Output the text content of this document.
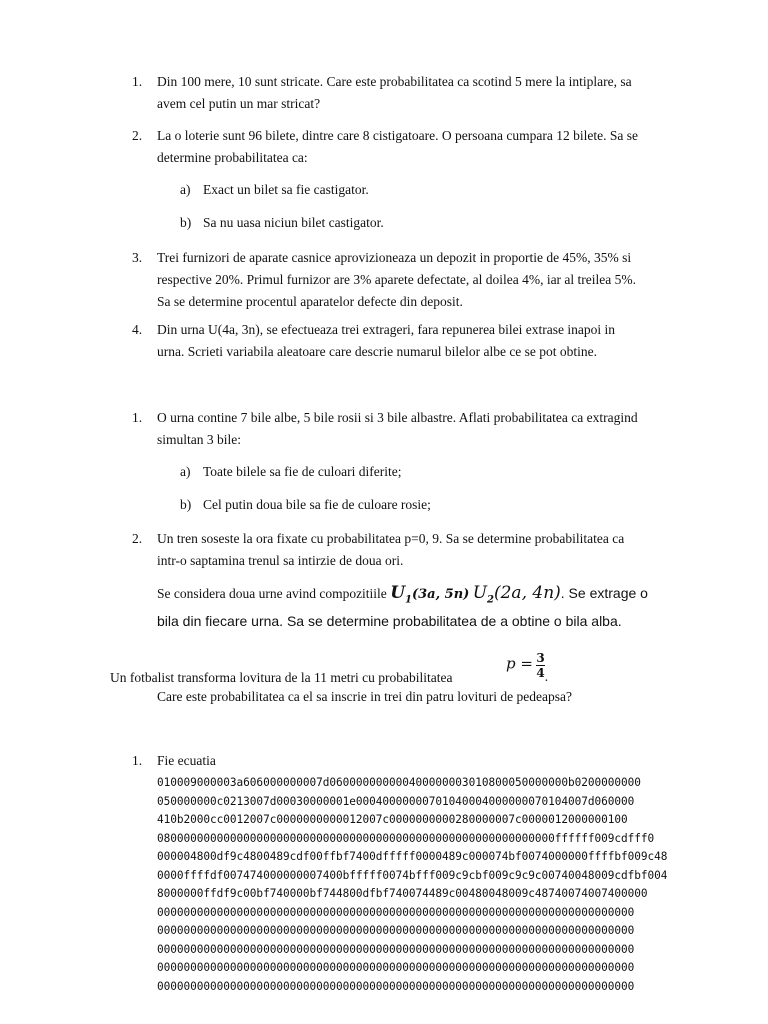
1.	Din 100 mere, 10 sunt stricate. Care este probabilitatea ca scotind 5 mere la intiplare, sa
avem cel putin un mar stricat?
2.	La o loterie sunt 96 bilete, dintre care 8 cistigatoare. O persoana cumpara 12 bilete. Sa se
determine probabilitatea ca:
a) Exact un bilet sa fie castigator.
b) Sa nu uasa niciun bilet castigator.
3.	Trei furnizori de aparate casnice aprovizioneaza un depozit in proportie de 45%, 35% si
respective 20%. Primul furnizor are 3% aparete defectate, al doilea 4%, iar al treilea 5%.
Sa se determine procentul aparatelor defecte din deposit.
4.	Din urna U(4a, 3n), se efectueaza trei extrageri, fara repunerea bilei extrase inapoi in
urna. Scrieti variabila aleatoare care descrie numarul bilelor albe ce se pot obtine.
1.	O urna contine 7 bile albe, 5 bile rosii si 3 bile albastre. Aflati probabilitatea ca extragind
simultan 3 bile:
a) Toate bilele sa fie de culoari diferite;
b) Cel putin doua bile sa fie de culoare rosie;
2.	Un tren soseste la ora fixate cu probabilitatea p=0, 9. Sa se determine probabilitatea ca
intr-o saptamina trenul sa intirzie de doua ori.
Se considera doua urne avind compozitiile $U_1(3a$, 5n) $U_2(2a$, 4n). Se extrage o
bila din fiecare urna. Sa se determine probabilitatea de a obtine o bila alba.
Un fotbalist transforma lovitura de la 11 metri cu probabilitatea
$p = \frac{3}{4}$ .
Care este probabilitatea ca el sa inscrie in trei din patru lovituri de pedeapsa?
1.	Fie ecuatia
010009000003a606000000007d060000000000400000003010800050000000b0200000000
050000000c0213007d00030000001e00040000000701040004000000070104007d060000
410b2000cc0012007c0000000000012007c0000000000280000007c0000012000000100
080000000000000000000000000000000000000000000000000000000000ffffff009cdfff0
000004800df9c4800489cdf00ffbf7400dfffff0000489c000074bf0074000000ffffbf009c48
0000ffffdf007474000000007400bfffff0074bfff009c9cbf009c9c9c00740048009cdfbf004
8000000ffdf9c00bf740000bf744800dfbf740074489c00480048009c48740074007400000
000000000000000000000000000000000000000000000000000000000000000000000000
000000000000000000000000000000000000000000000000000000000000000000000000
000000000000000000000000000000000000000000000000000000000000000000000000
000000000000000000000000000000000000000000000000000000000000000000000000
000000000000000000000000000000000000000000000000000000000000000000000000
